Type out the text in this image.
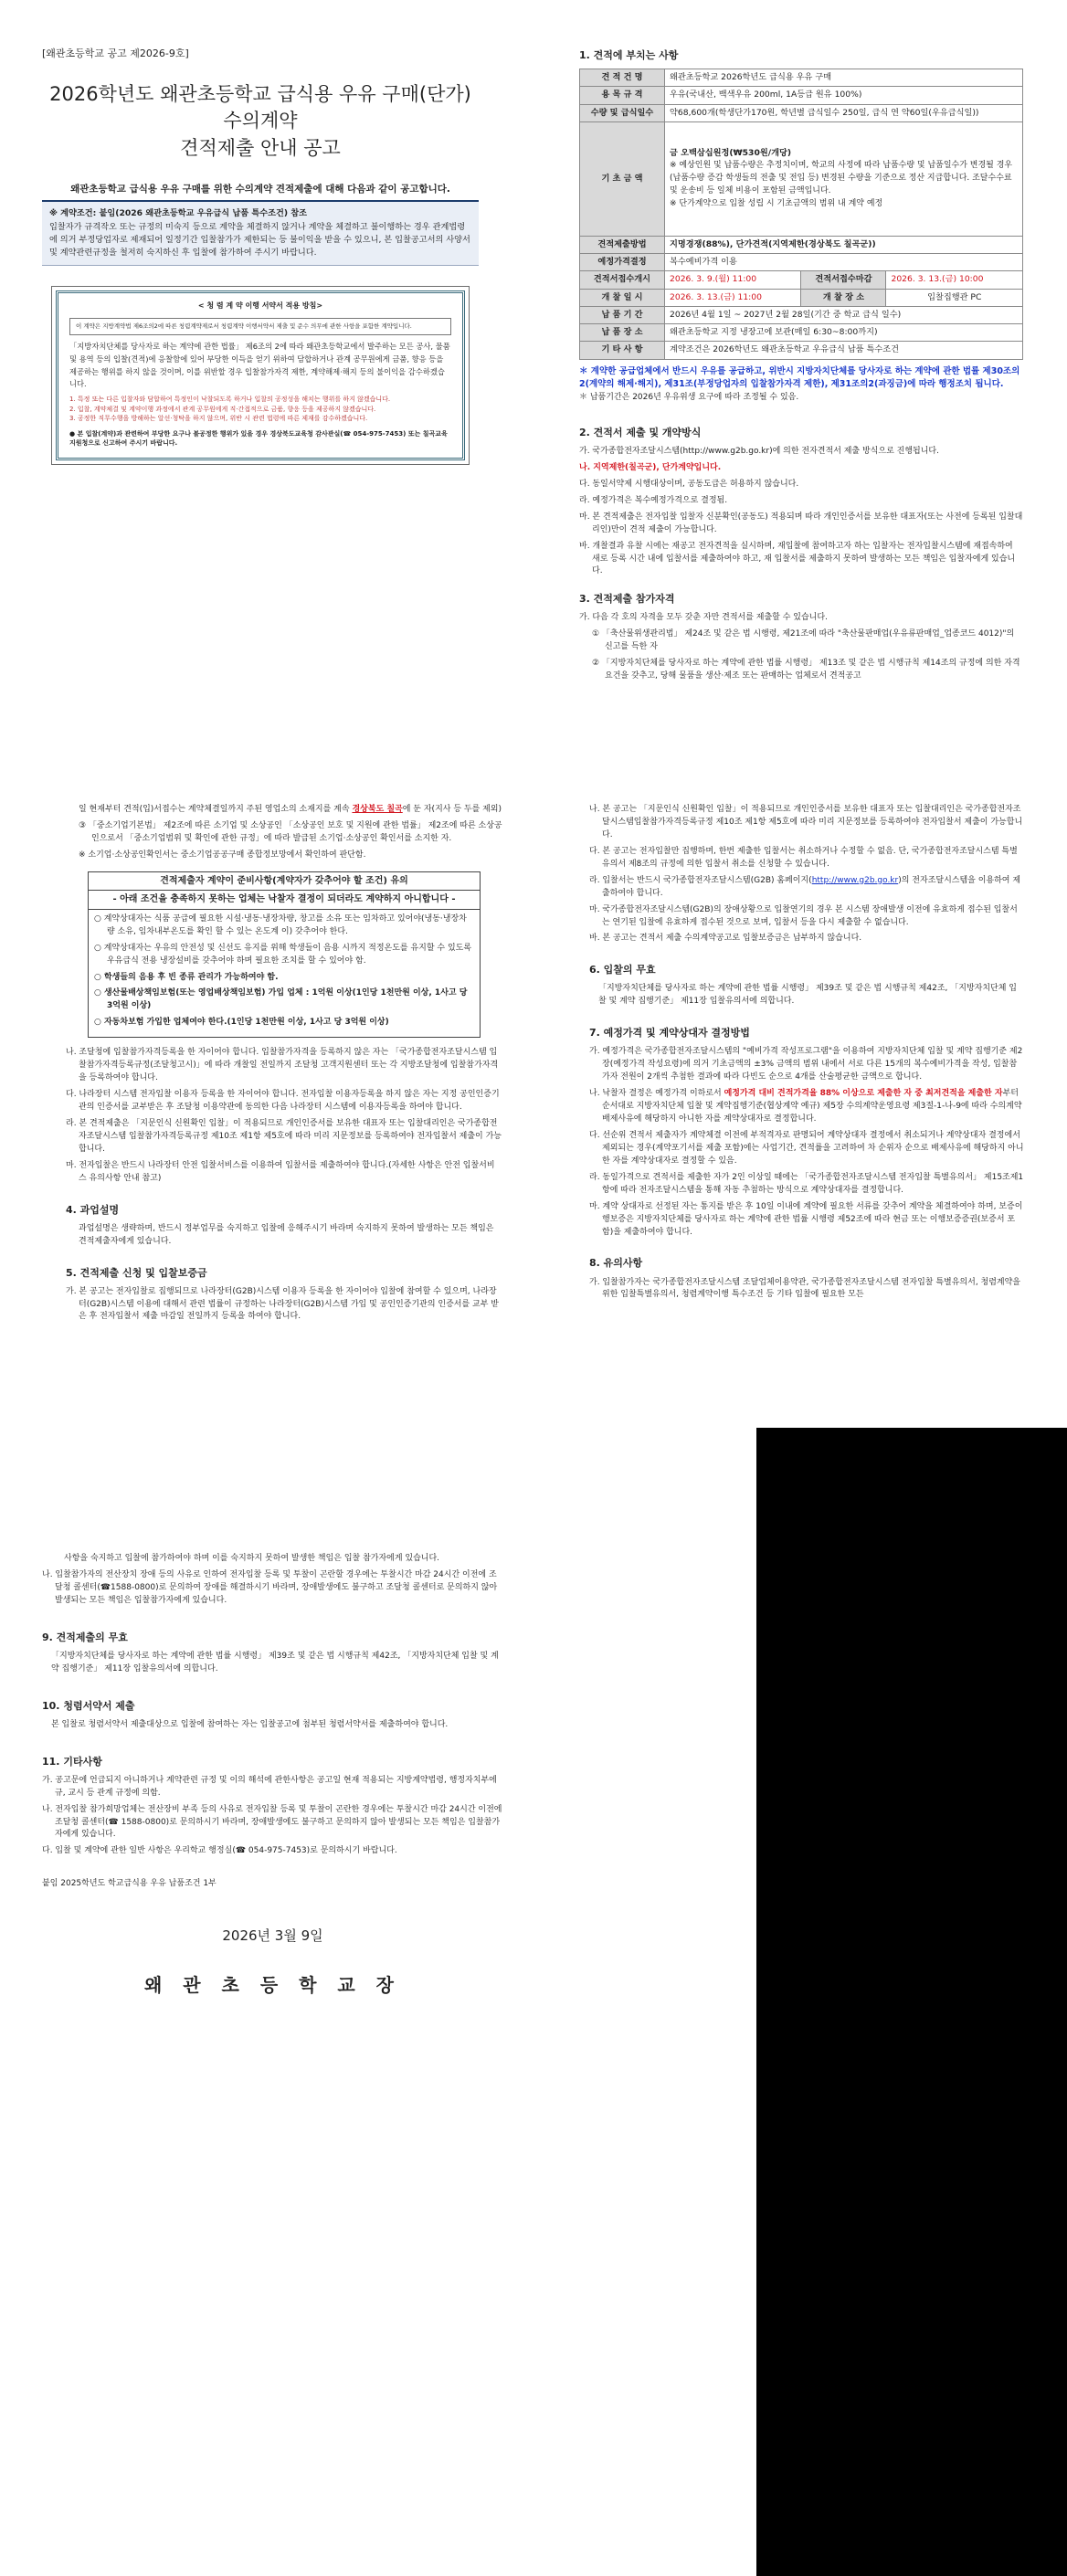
[왜관초등학교 공고 제2026-9호]

2026학년도 왜관초등학교 급식용 우유 구매(단가) 수의계약
견적제출 안내 공고

왜관초등학교 급식용 우유 구매를 위한 수의계약 견적제출에 대해 다음과 같이 공고합니다.

※ 계약조건: 붙임(2026 왜관초등학교 우유급식 납품 특수조건) 참조

입찰자가 규격작오 또는 규정의 미숙지 등으로 계약을 체결하지 않거나 계약을 체결하고 불이행하는 경우 관계법령에 의거 부정당업자로 제재되어 일정기간 입찰참가가 제한되는 등 불이익을 받을 수 있으니, 본 입찰공고서의 사양서 및 계약관련규정을 철저히 숙지하신 후 입찰에 참가하여 주시기 바랍니다.

< 청 렴 계 약 이행 서약서 적용 방침>
이 계약은 지방계약법 제6조의2에 따른 청렴계약제로서 청렴계약 이행서약서 제출 및 준수 의무에 관한 사항을 포함한 계약입니다.

「지방자치단체를 당사자로 하는 계약에 관한 법률」 제6조의 2에 따라 왜관초등학교에서 발주하는 모든 공사, 물품 및 용역 등의 입찰(견적)에 응찰함에 있어 부당한 이득을 얻기 위하여 담합하거나 관계 공무원에게 금품, 향응 등을 제공하는 행위를 하지 않을 것이며, 이를 위반할 경우 입찰참가자격 제한, 계약해제·해지 등의 불이익을 감수하겠습니다.

1. 특정 또는 다른 입찰자와 담합하여 특정인이 낙찰되도록 하거나 입찰의 공정성을 해치는 행위를 하지 않겠습니다.

2. 입찰, 계약체결 및 계약이행 과정에서 관계 공무원에게 직·간접적으로 금품, 향응 등을 제공하지 않겠습니다.

3. 공정한 직무수행을 방해하는 알선·청탁을 하지 않으며, 위반 시 관련 법령에 따른 제재를 감수하겠습니다.

● 본 입찰(계약)과 관련하여 부당한 요구나 불공정한 행위가 있을 경우 경상북도교육청 감사관실(☎ 054-975-7453) 또는 칠곡교육지원청으로 신고하여 주시기 바랍니다.

1. 견적에 부치는 사항

견 적 건 명	왜관초등학교 2026학년도 급식용 우유 구매		
용 목 규 격	우유(국내산, 백색우유 200ml, 1A등급 원유 100%)		
수량 및 급식일수	약68,600개(학생단가170원, 학년별 급식일수 250일, 급식 연 약60일(우유급식일))		
기 초 금 액	금 오백삼십원정(₩530원/개당)

※ 예상인원 및 납품수량은 추정치이며, 학교의 사정에 따라 납품수량 및 납품일수가 변경될 경우(납품수량 증감 학생들의 전출 및 전입 등) 변경된 수량을 기준으로 정산 지급합니다. 조달수수료 및 운송비 등 일체 비용이 포함된 금액입니다.

※ 단가계약으로 입찰 성립 시 기초금액의 범위 내 계약 예정		

견적제출방법	지명경쟁(88%), 단가견적(지역제한(경상북도 칠곡군))		
예정가격결정	복수예비가격 이용		
견적서접수개시	2026. 3. 9.(월) 11:00	견적서접수마감	2026. 3. 13.(금) 10:00
개 찰 일 시	2026. 3. 13.(금) 11:00	개 찰 장 소	입찰집행관 PC
납 품 기 간	2026년 4월 1일 ~ 2027년 2월 28일(기간 중 학교 급식 일수)		
납 품 장 소	왜관초등학교 지정 냉장고에 보관(매일 6:30~8:00까지)		
기 타 사 항	계약조건은 2026학년도 왜관초등학교 우유급식 납품 특수조건		

＊ 계약한 공급업체에서 반드시 우유를 공급하고, 위반시 지방자치단체를 당사자로 하는 계약에 관한 법률 제30조의2(계약의 해제·해지), 제31조(부정당업자의 입찰참가자격 제한), 제31조의2(과징금)에 따라 행정조치 됩니다.

＊ 납품기간은 2026년 우유위생 요구에 따라 조정될 수 있음.

2. 견적서 제출 및 개약방식

가. 국가종합전자조달시스템(http://www.g2b.go.kr)에 의한 전자견적서 제출 방식으로 진행됩니다.

나. 지역제한(칠곡군), 단가계약입니다.

다. 동일서약제 시행대상이며, 공동도급은 허용하지 않습니다.

라. 예정가격은 복수예정가격으로 결정됨.

마. 본 견적제출은 전자입찰 입찰자 신분확인(공동도) 적용되며 따라 개인인증서를 보유한 대표자(또는 사전에 등록된 입찰대리인)만이 견적 제출이 가능합니다.

바. 개찰결과 유찰 시에는 재공고 전자견적을 실시하며, 재입찰에 참여하고자 하는 입찰자는 전자입찰시스템에 재접속하여 새로 등록 시간 내에 입찰서를 제출하여야 하고, 재 입찰서를 제출하지 못하여 발생하는 모든 책임은 입찰자에게 있습니다.

3. 견적제출 참가자격

가. 다음 각 호의 자격을 모두 갖춘 자만 견적서를 제출할 수 있습니다.

① 「축산물위생관리법」 제24조 및 같은 법 시행령, 제21조에 따라 "축산물판매업(우유류판매업_업종코드 4012)"의 신고를 득한 자

② 「지방자치단체를 당사자로 하는 계약에 관한 법률 시행령」 제13조 및 같은 법 시행규칙 제14조의 규정에 의한 자격요건을 갖추고, 당해 물품을 생산·제조 또는 판매하는 업체로서 견적공고

일 현재부터 견적(입)서접수는 계약체결일까지 주된 영업소의 소재지를 계속 경상북도 칠곡에 둔 자(지사 등 두를 제외)

③ 「중소기업기본법」 제2조에 따른 소기업 및 소상공인 「소상공인 보호 및 지원에 관한 법률」 제2조에 따른 소상공인으로서 「중소기업범위 및 확인에 관한 규정」에 따라 발급된 소기업·소상공인 확인서를 소지한 자.

※ 소기업·소상공인확인서는 중소기업공공구매 종합정보망에서 확인하여 판단함.

견적제출자 계약이 준비사항(계약자가 갖추어야 할 조건) 유의
- 아래 조건을 충족하지 못하는 업체는 낙찰자 결정이 되더라도 계약하지 아니합니다 -

○ 계약상대자는 식품 공급에 필요한 시설·냉동·냉장차량, 창고를 소유 또는 임차하고 있어야(냉동·냉장차량 소유, 임차내부온도를 확인 할 수 있는 온도계 이) 갖추어야 한다.

○ 계약상대자는 우유의 안전성 및 신선도 유지를 위해 학생들이 음용 시까지 적정온도를 유지할 수 있도록 우유급식 전용 냉장설비를 갖추어야 하며 필요한 조치를 할 수 있어야 함.

○ 학생들의 음용 후 빈 종류 관리가 가능하여야 함.

○ 생산물배상책임보험(또는 영업배상책임보험) 가입 업체 : 1억원 이상(1인당 1천만원 이상, 1사고 당 3억원 이상)

○ 자동차보험 가입한 업체여야 한다.(1인당 1천만원 이상, 1사고 당 3억원 이상)

나. 조달청에 입찰참가자격등록을 한 자이어야 합니다. 입찰참가자격을 등록하지 않은 자는 「국가종합전자조달시스템 입찰참가자격등록규정(조달청고시)」에 따라 개찰일 전일까지 조달청 고객지원센터 또는 각 지방조달청에 입찰참가자격을 등록하여야 합니다.

다. 나라장터 시스템 전자입찰 이용자 등록을 한 자이어야 합니다. 전자입찰 이용자등록을 하지 않은 자는 지정 공인인증기관의 인증서를 교부받은 후 조달청 이용약관에 동의한 다음 나라장터 시스템에 이용자등록을 하여야 합니다.

라. 본 견적제출은 「지문인식 신원확인 입찰」이 적용되므로 개인인증서를 보유한 대표자 또는 입찰대리인은 국가종합전자조달시스템 입찰참가자격등록규정 제10조 제1항 제5호에 따라 미리 지문정보를 등록하여야 전자입찰서 제출이 가능합니다.

마. 전자입찰은 반드시 나라장터 안전 입찰서비스를 이용하여 입찰서를 제출하여야 합니다.(자세한 사항은 안전 입찰서비스 유의사항 안내 참고)

4. 과업설명

과업설명은 생략하며, 반드시 정부업무를 숙지하고 입찰에 응해주시기 바라며 숙지하지 못하여 발생하는 모든 책임은 견적제출자에게 있습니다.

5. 견적제출 신청 및 입찰보증금

가. 본 공고는 전자입찰로 집행되므로 나라장터(G2B)시스템 이용자 등록을 한 자이어야 입찰에 참여할 수 있으며, 나라장터(G2B)시스템 이용에 대해서 관련 법률이 규정하는 나라장터(G2B)시스템 가입 및 공인인증기관의 인증서를 교부 받은 후 전자입찰서 제출 마감일 전일까지 등록을 하여야 합니다.

나. 본 공고는 「지문인식 신원확인 입찰」이 적용되므로 개인인증서를 보유한 대표자 또는 입찰대리인은 국가종합전자조달시스템입찰참가자격등록규정 제10조 제1항 제5호에 따라 미리 지문정보를 등록하여야 전자입찰서 제출이 가능합니다.

다. 본 공고는 전자입찰만 집행하며, 한번 제출한 입찰서는 취소하거나 수정할 수 없음. 단, 국가종합전자조달시스템 특별유의서 제8조의 규정에 의한 입찰서 취소를 신청할 수 있습니다.

라. 입찰서는 반드시 국가종합전자조달시스템(G2B) 홈페이지(http://www.g2b.go.kr)의 전자조달시스템을 이용하여 제출하여야 합니다.

마. 국가종합전자조달시스템(G2B)의 장애상황으로 입찰연기의 경우 본 시스템 장애발생 이전에 유효하게 접수된 입찰서는 연기된 입찰에 유효하게 접수된 것으로 보며, 입찰서 등을 다시 제출할 수 없습니다.

바. 본 공고는 견적서 제출 수의계약공고로 입찰보증금은 납부하지 않습니다.

6. 입찰의 무효

「지방자치단체를 당사자로 하는 계약에 관한 법률 시행령」 제39조 및 같은 법 시행규칙 제42조, 「지방자치단체 입찰 및 계약 집행기준」 제11장 입찰유의서에 의합니다.

7. 예정가격 및 계약상대자 결정방법

가. 예정가격은 국가종합전자조달시스템의 "예비가격 작성프로그램"을 이용하여 지방자치단체 입찰 및 계약 집행기준 제2장(예정가격 작성요령)에 의거 기초금액의 ±3% 금액의 범위 내에서 서로 다른 15개의 복수예비가격을 작성, 입찰참가자 전원이 2개씩 추첨한 결과에 따라 다빈도 순으로 4개를 산술평균한 금액으로 합니다.

나. 낙찰자 결정은 예정가격 이하로서 예정가격 대비 견적가격율 88% 이상으로 제출한 자 중 최저견적을 제출한 자부터 순서대로 지방자치단체 입찰 및 계약집행기준(협상계약 예규) 제5장 수의계약운영요령 제3절-1-나-9에 따라 수의계약배제사유에 해당하지 아니한 자를 계약상대자로 결정합니다.

다. 선순위 견적서 제출자가 계약체결 이전에 부적격자로 판명되어 계약상대자 결정에서 취소되거나 계약상대자 결정에서 제외되는 경우(계약포기서를 제출 포함)에는 사업기간, 견적률을 고려하여 차 순위자 순으로 배제사유에 해당하지 아니한 자를 계약상대자로 결정할 수 있음.

라. 동일가격으로 견적서를 제출한 자가 2인 이상일 때에는 「국가종합전자조달시스템 전자입찰 특별유의서」 제15조제1항에 따라 전자조달시스템을 통해 자동 추첨하는 방식으로 계약상대자를 결정합니다.

마. 계약 상대자로 선정된 자는 통지를 받은 후 10일 이내에 계약에 필요한 서류를 갖추어 계약을 체결하여야 하며, 보증이행보증은 지방자치단체를 당사자로 하는 계약에 관한 법률 시행령 제52조에 따라 현금 또는 이행보증증권(보증서 포함)을 제출하여야 합니다.

8. 유의사항

가. 입찰참가자는 국가종합전자조달시스템 조달업체이용약관, 국가종합전자조달시스템 전자입찰 특별유의서, 청렴계약을 위한 입찰특별유의서, 청렴계약이행 특수조건 등 기타 입찰에 필요한 모든

사항을 숙지하고 입찰에 참가하여야 하며 이를 숙지하지 못하여 발생한 책임은 입찰 참가자에게 있습니다.

나. 입찰참가자의 전산장치 장애 등의 사유로 인하여 전자입찰 등록 및 투찰이 곤란할 경우에는 투찰시간 마감 24시간 이전에 조달청 콜센터(☎1588-0800)로 문의하여 장애를 해결하시기 바라며, 장애발생에도 불구하고 조달청 콜센터로 문의하지 않아 발생되는 모든 책임은 입찰참가자에게 있습니다.

9. 견적제출의 무효

「지방자치단체를 당사자로 하는 계약에 관한 법률 시행령」 제39조 및 같은 법 시행규칙 제42조, 「지방자치단체 입찰 및 계약 집행기준」 제11장 입찰유의서에 의합니다.

10. 청렴서약서 제출

본 입찰로 청렴서약서 제출대상으로 입찰에 참여하는 자는 입찰공고에 첨부된 청렴서약서를 제출하여야 합니다.

11. 기타사항

가. 공고문에 언급되지 아니하거나 계약관련 규정 및 이의 해석에 관한사항은 공고일 현재 적용되는 지방계약법령, 행정자치부에규, 교시 등 관계 규정에 의함.

나. 전자입찰 참가희망업체는 전산장비 부족 등의 사유로 전자입찰 등록 및 투찰이 곤란한 경우에는 투찰시간 마감 24시간 이전에 조달청 콜센터(☎ 1588-0800)로 문의하시기 바라며, 장애발생에도 불구하고 문의하지 않아 발생되는 모든 책임은 입찰참가자에게 있습니다.

다. 입찰 및 계약에 관한 일반 사항은 우리학교 행정실(☎ 054-975-7453)로 문의하시기 바랍니다.

붙임 2025학년도 학교급식용 우유 납품조건 1부

2026년 3월 9일

왜 관 초 등 학 교 장
